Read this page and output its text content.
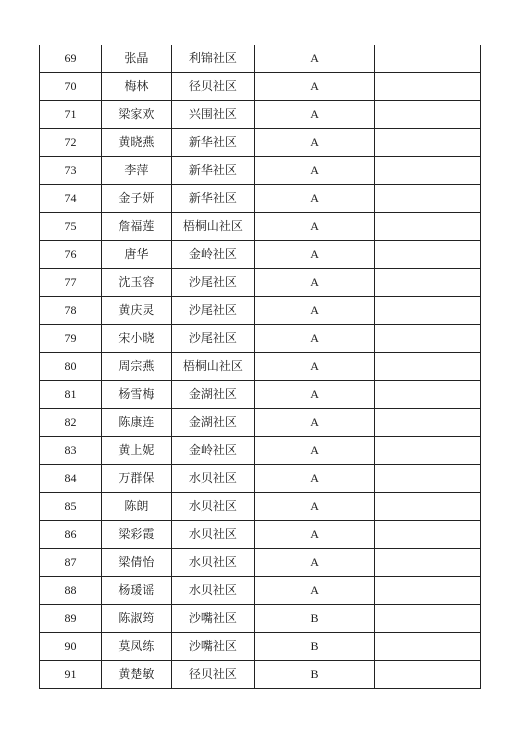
69	张晶	利锦社区	A	
70	梅林	径贝社区	A	
71	梁家欢	兴围社区	A	
72	黄晓燕	新华社区	A	
73	李萍	新华社区	A	
74	金子妍	新华社区	A	
75	詹福莲	梧桐山社区	A	
76	唐华	金岭社区	A	
77	沈玉容	沙尾社区	A	
78	黄庆灵	沙尾社区	A	
79	宋小晓	沙尾社区	A	
80	周宗燕	梧桐山社区	A	
81	杨雪梅	金湖社区	A	
82	陈康连	金湖社区	A	
83	黄上妮	金岭社区	A	
84	万群保	水贝社区	A	
85	陈朗	水贝社区	A	
86	梁彩霞	水贝社区	A	
87	梁倩怡	水贝社区	A	
88	杨瑗谣	水贝社区	A	
89	陈淑筠	沙嘴社区	B	
90	莫凤练	沙嘴社区	B	
91	黄楚敏	径贝社区	B	
